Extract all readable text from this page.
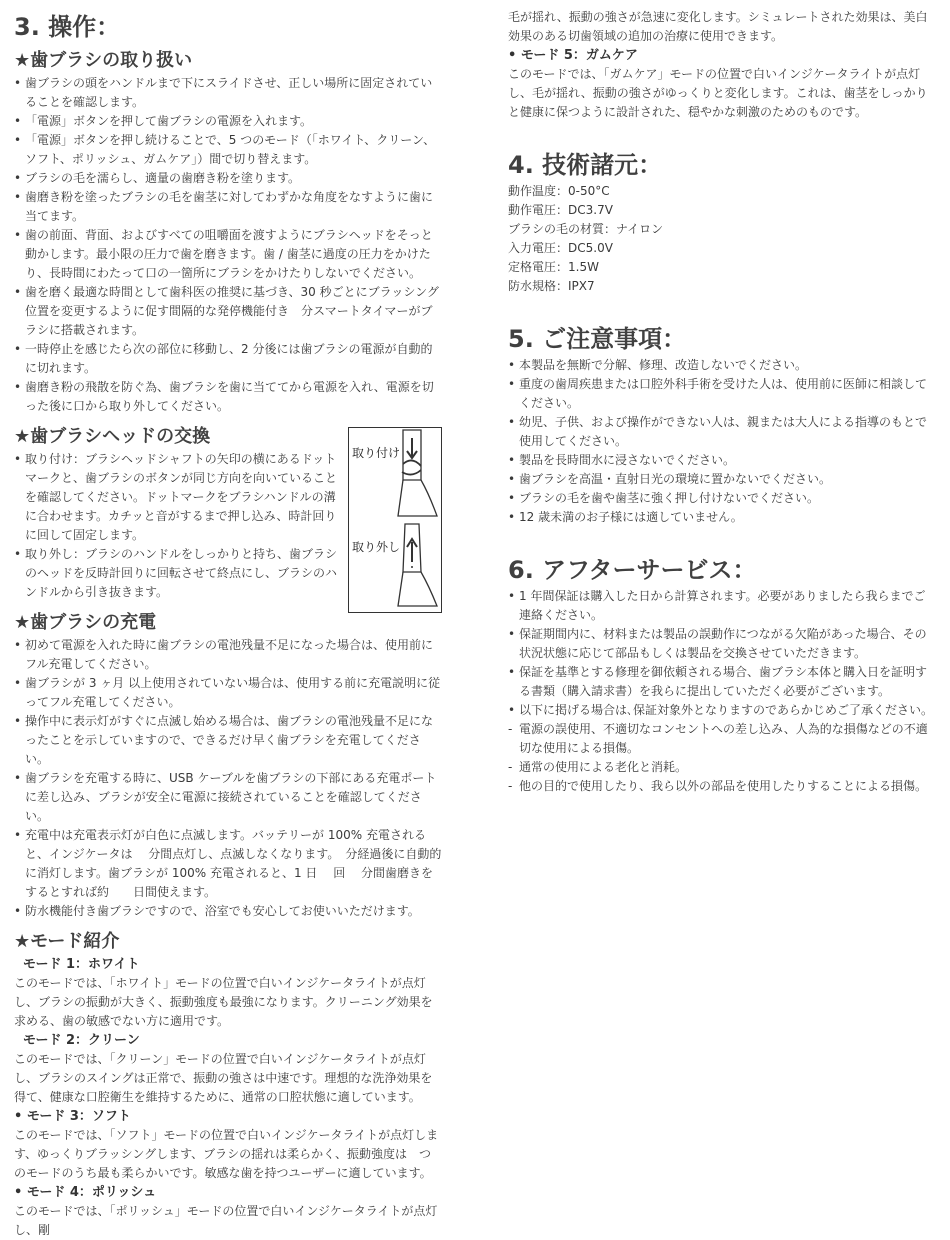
3. 操作：
★歯ブラシの取り扱い
• 歯ブラシの頭をハンドルまで下にスライドさせ、正しい場所に固定されていることを確認します。
• 「電源」ボタンを押して歯ブラシの電源を入れます。
• 「電源」ボタンを押し続けることで、5 つのモード（「ホワイト、クリーン、ソフト、ポリッシュ、ガムケア」）間で切り替えます。
• ブラシの毛を濡らし、適量の歯磨き粉を塗ります。
• 歯磨き粉を塗ったブラシの毛を歯茎に対してわずかな角度をなすように歯に当てます。
• 歯の前面、背面、およびすべての咀嚼面を渡すようにブラシヘッドをそっと動かします。最小限の圧力で歯を磨きます。歯 / 歯茎に過度の圧力をかけたり、長時間にわたって口の一箇所にブラシをかけたりしないでください。
• 歯を磨く最適な時間として歯科医の推奨に基づき、30 秒ごとにブラッシング位置を変更するように促す間隔的な発停機能付き　分スマートタイマーがブラシに搭載されます。
• 一時停止を感じたら次の部位に移動し、2 分後には歯ブラシの電源が自動的に切れます。
• 歯磨き粉の飛散を防ぐ為、歯ブラシを歯に当ててから電源を入れ、電源を切った後に口から取り外してください。
★歯ブラシヘッドの交換
• 取り付け：ブラシヘッドシャフトの矢印の横にあるドットマークと、歯ブラシのボタンが同じ方向を向いていることを確認してください。ドットマークをブラシハンドルの溝に合わせます。カチッと音がするまで押し込み、時計回りに回して固定します。
• 取り外し：ブラシのハンドルをしっかりと持ち、歯ブラシのヘッドを反時計回りに回転させて終点にし、ブラシのハンドルから引き抜きます。
取り付け
取り外し
★歯ブラシの充電
• 初めて電源を入れた時に歯ブラシの電池残量不足になった場合は、使用前にフル充電してください。
• 歯ブラシが 3 ヶ月 以上使用されていない場合は、使用する前に充電説明に従ってフル充電してください。
• 操作中に表示灯がすぐに点滅し始める場合は、歯ブラシの電池残量不足になったことを示していますので、できるだけ早く歯ブラシを充電してください。
• 歯ブラシを充電する時に、USB ケーブルを歯ブラシの下部にある充電ポートに差し込み、ブラシが安全に電源に接続されていることを確認してください。
• 充電中は充電表示灯が白色に点滅します。バッテリーが 100% 充電されると、インジケータは　 分間点灯し、点滅しなくなります。　分経過後に自動的に消灯します。歯ブラシが 100% 充電されると、1 日　 回　 分間歯磨きをするとすれば約　　日間使えます。
• 防水機能付き歯ブラシですので、浴室でも安心してお使いいただけます。
★モード紹介
モード 1：ホワイト

このモードでは、「ホワイト」モードの位置で白いインジケータライトが点灯し、ブラシの振動が大きく、振動強度も最強になります。クリーニング効果を求める、歯の敏感でない方に適用です。

モード 2：クリーン

このモードでは、「クリーン」モードの位置で白いインジケータライトが点灯し、ブラシのスイングは正常で、振動の強さは中速です。理想的な洗浄効果を得て、健康な口腔衛生を維持するために、通常の口腔状態に適しています。

• モード 3：ソフト

このモードでは、「ソフト」モードの位置で白いインジケータライトが点灯します、ゆっくりブラッシングします、ブラシの揺れは柔らかく、振動強度は　つのモードのうち最も柔らかいです。敏感な歯を持つユーザーに適しています。

• モード 4：ポリッシュ

このモードでは、「ポリッシュ」モードの位置で白いインジケータライトが点灯し、剛

毛が揺れ、振動の強さが急速に変化します。シミュレートされた効果は、美白効果のある切歯領域の追加の治療に使用できます。

• モード 5：ガムケア

このモードでは、「ガムケア」モードの位置で白いインジケータライトが点灯し、毛が揺れ、振動の強さがゆっくりと変化します。これは、歯茎をしっかりと健康に保つように設計された、穏やかな刺激のためのものです。

4. 技術諸元：
動作温度：0-50°C
動作電圧：DC3.7V
ブラシの毛の材質：ナイロン
入力電圧：DC5.0V
定格電圧：1.5W
防水規格：IPX7
5. ご注意事項：
• 本製品を無断で分解、修理、改造しないでください。
• 重度の歯周疾患または口腔外科手術を受けた人は、使用前に医師に相談してください。
• 幼児、子供、および操作ができない人は、親または大人による指導のもとで使用してください。
• 製品を長時間水に浸さないでください。
• 歯ブラシを高温・直射日光の環境に置かないでください。
• ブラシの毛を歯や歯茎に強く押し付けないでください。
• 12 歳未満のお子様には適していません。
6. アフターサービス：
• 1 年間保証は購入した日から計算されます。必要がありましたら我らまでご連絡ください。
• 保証期間内に、材料または製品の誤動作につながる欠陥があった場合、その状況状態に応じて部品もしくは製品を交換させていただきます。
• 保証を基準とする修理を御依頼される場合、歯ブラシ本体と購入日を証明する書類（購入請求書）を我らに提出していただく必要がございます。
• 以下に掲げる場合は､保証対象外となりますのであらかじめご了承ください。
- 電源の誤使用、不適切なコンセントへの差し込み、人為的な損傷などの不適切な使用による損傷。
- 通常の使用による老化と消耗。
- 他の目的で使用したり、我ら以外の部品を使用したりすることによる損傷。
